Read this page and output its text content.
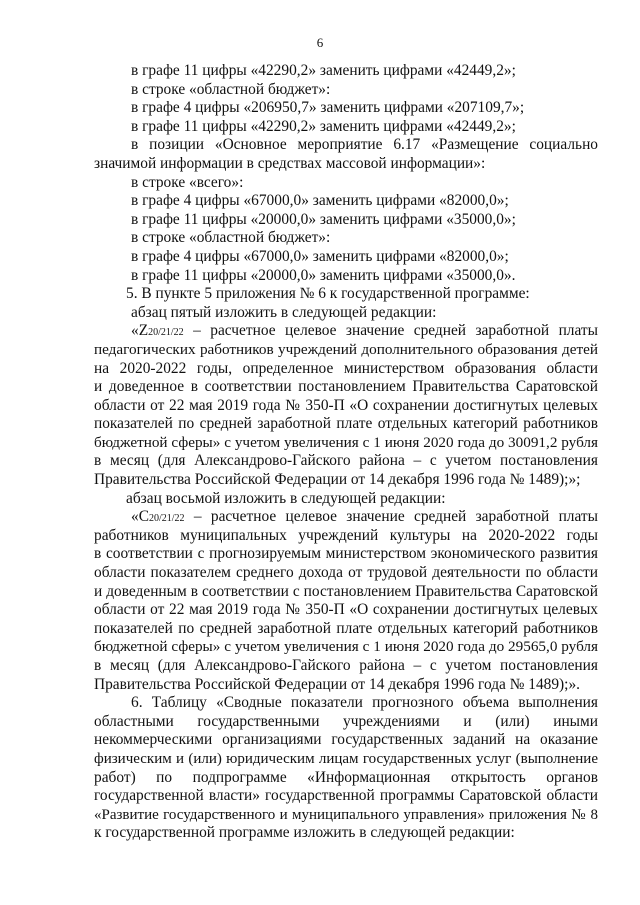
6
в графе 11 цифры «42290,2» заменить цифрами «42449,2»;
в строке «областной бюджет»:
в графе 4 цифры «206950,7» заменить цифрами «207109,7»;
в графе 11 цифры «42290,2» заменить цифрами «42449,2»;
в позиции «Основное мероприятие 6.17 «Размещение социально
значимой информации в средствах массовой информации»:
в строке «всего»:
в графе 4 цифры «67000,0» заменить цифрами «82000,0»;
в графе 11 цифры «20000,0» заменить цифрами «35000,0»;
в строке «областной бюджет»:
в графе 4 цифры «67000,0» заменить цифрами «82000,0»;
в графе 11 цифры «20000,0» заменить цифрами «35000,0».
5. В пункте 5 приложения № 6 к государственной программе:
абзац пятый изложить в следующей редакции:
«Z20/21/22 – расчетное целевое значение средней заработной платы
педагогических работников учреждений дополнительного образования детей
на 2020-2022 годы, определенное министерством образования области
и доведенное в соответствии постановлением Правительства Саратовской
области от 22 мая 2019 года № 350-П «О сохранении достигнутых целевых
показателей по средней заработной плате отдельных категорий работников
бюджетной сферы» с учетом увеличения с 1 июня 2020 года до 30091,2 рубля
в месяц (для Александрово-Гайского района – с учетом постановления
Правительства Российской Федерации от 14 декабря 1996 года № 1489);»;
абзац восьмой изложить в следующей редакции:
«C20/21/22 – расчетное целевое значение средней заработной платы
работников муниципальных учреждений культуры на 2020-2022 годы
в соответствии с прогнозируемым министерством экономического развития
области показателем среднего дохода от трудовой деятельности по области
и доведенным в соответствии с постановлением Правительства Саратовской
области от 22 мая 2019 года № 350-П «О сохранении достигнутых целевых
показателей по средней заработной плате отдельных категорий работников
бюджетной сферы» с учетом увеличения с 1 июня 2020 года до 29565,0 рубля
в месяц (для Александрово-Гайского района – с учетом постановления
Правительства Российской Федерации от 14 декабря 1996 года № 1489);».
6. Таблицу «Сводные показатели прогнозного объема выполнения
областными государственными учреждениями и (или) иными
некоммерческими организациями государственных заданий на оказание
физическим и (или) юридическим лицам государственных услуг (выполнение
работ) по подпрограмме «Информационная открытость органов
государственной власти» государственной программы Саратовской области
«Развитие государственного и муниципального управления» приложения № 8
к государственной программе изложить в следующей редакции:
